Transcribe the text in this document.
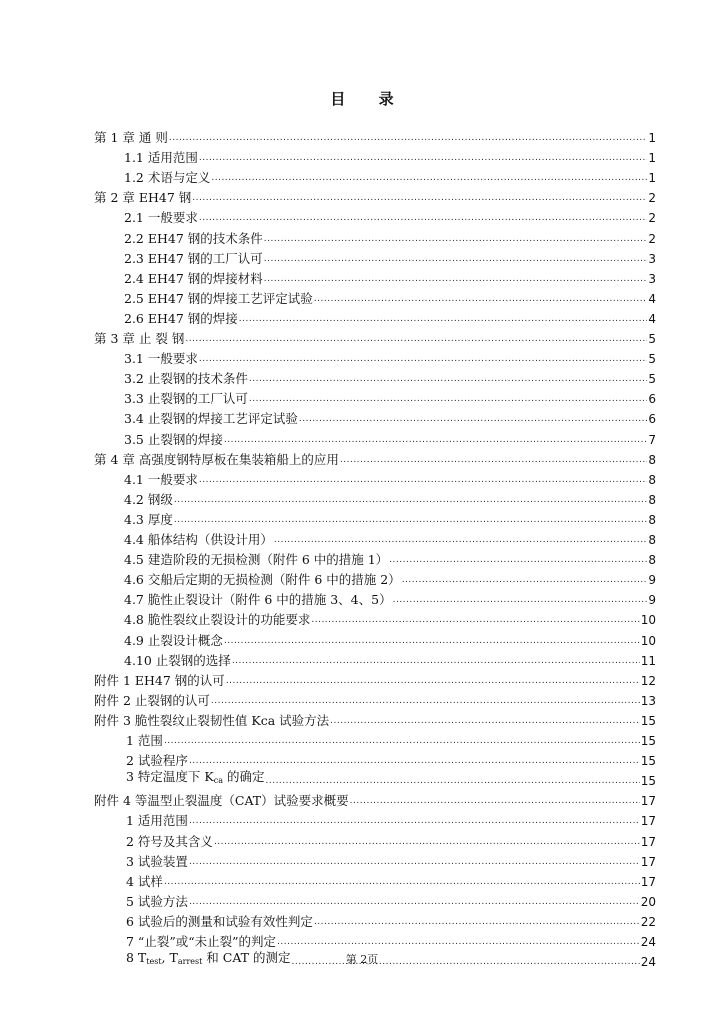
目 录
第 1 章 通 则 .....	1
1.1 适用范围 .....	1
1.2 术语与定义 .....	1
第 2 章 EH47 钢 .....	2
2.1 一般要求 .....	2
2.2 EH47 钢的技术条件 .....	2
2.3 EH47 钢的工厂认可 .....	3
2.4 EH47 钢的焊接材料 .....	3
2.5 EH47 钢的焊接工艺评定试验 .....	4
2.6 EH47 钢的焊接 .....	4
第 3 章 止 裂 钢 .....	5
3.1 一般要求 .....	5
3.2 止裂钢的技术条件 .....	5
3.3 止裂钢的工厂认可 .....	6
3.4 止裂钢的焊接工艺评定试验 .....	6
3.5 止裂钢的焊接 .....	7
第 4 章 高强度钢特厚板在集装箱船上的应用 .....	8
4.1 一般要求 .....	8
4.2 钢级 .....	8
4.3 厚度 .....	8
4.4 船体结构（供设计用） .....	8
4.5 建造阶段的无损检测（附件 6 中的措施 1） .....	8
4.6 交船后定期的无损检测（附件 6 中的措施 2） .....	9
4.7 脆性止裂设计（附件 6 中的措施 3、4、5） .....	9
4.8 脆性裂纹止裂设计的功能要求 .....	10
4.9 止裂设计概念 .....	10
4.10 止裂钢的选择 .....	11
附件 1 EH47 钢的认可 .....	12
附件 2 止裂钢的认可 .....	13
附件 3 脆性裂纹止裂韧性值 Kca 试验方法 .....	15
1 范围 .....	15
2 试验程序 .....	15
3 特定温度下 $K_{ca}$ 的确定 .....	15
附件 4 等温型止裂温度（CAT）试验要求概要 .....	17
1 适用范围 .....	17
2 符号及其含义 .....	17
3 试验装置 .....	17
4 试样 .....	17
5 试验方法 .....	20
6 试验后的测量和试验有效性判定 .....	22
7 “止裂”或“未止裂”的判定 .....	24
8 $T_{test}$, $T_{arrest}$ 和 CAT 的测定 .....	24
第 2页
